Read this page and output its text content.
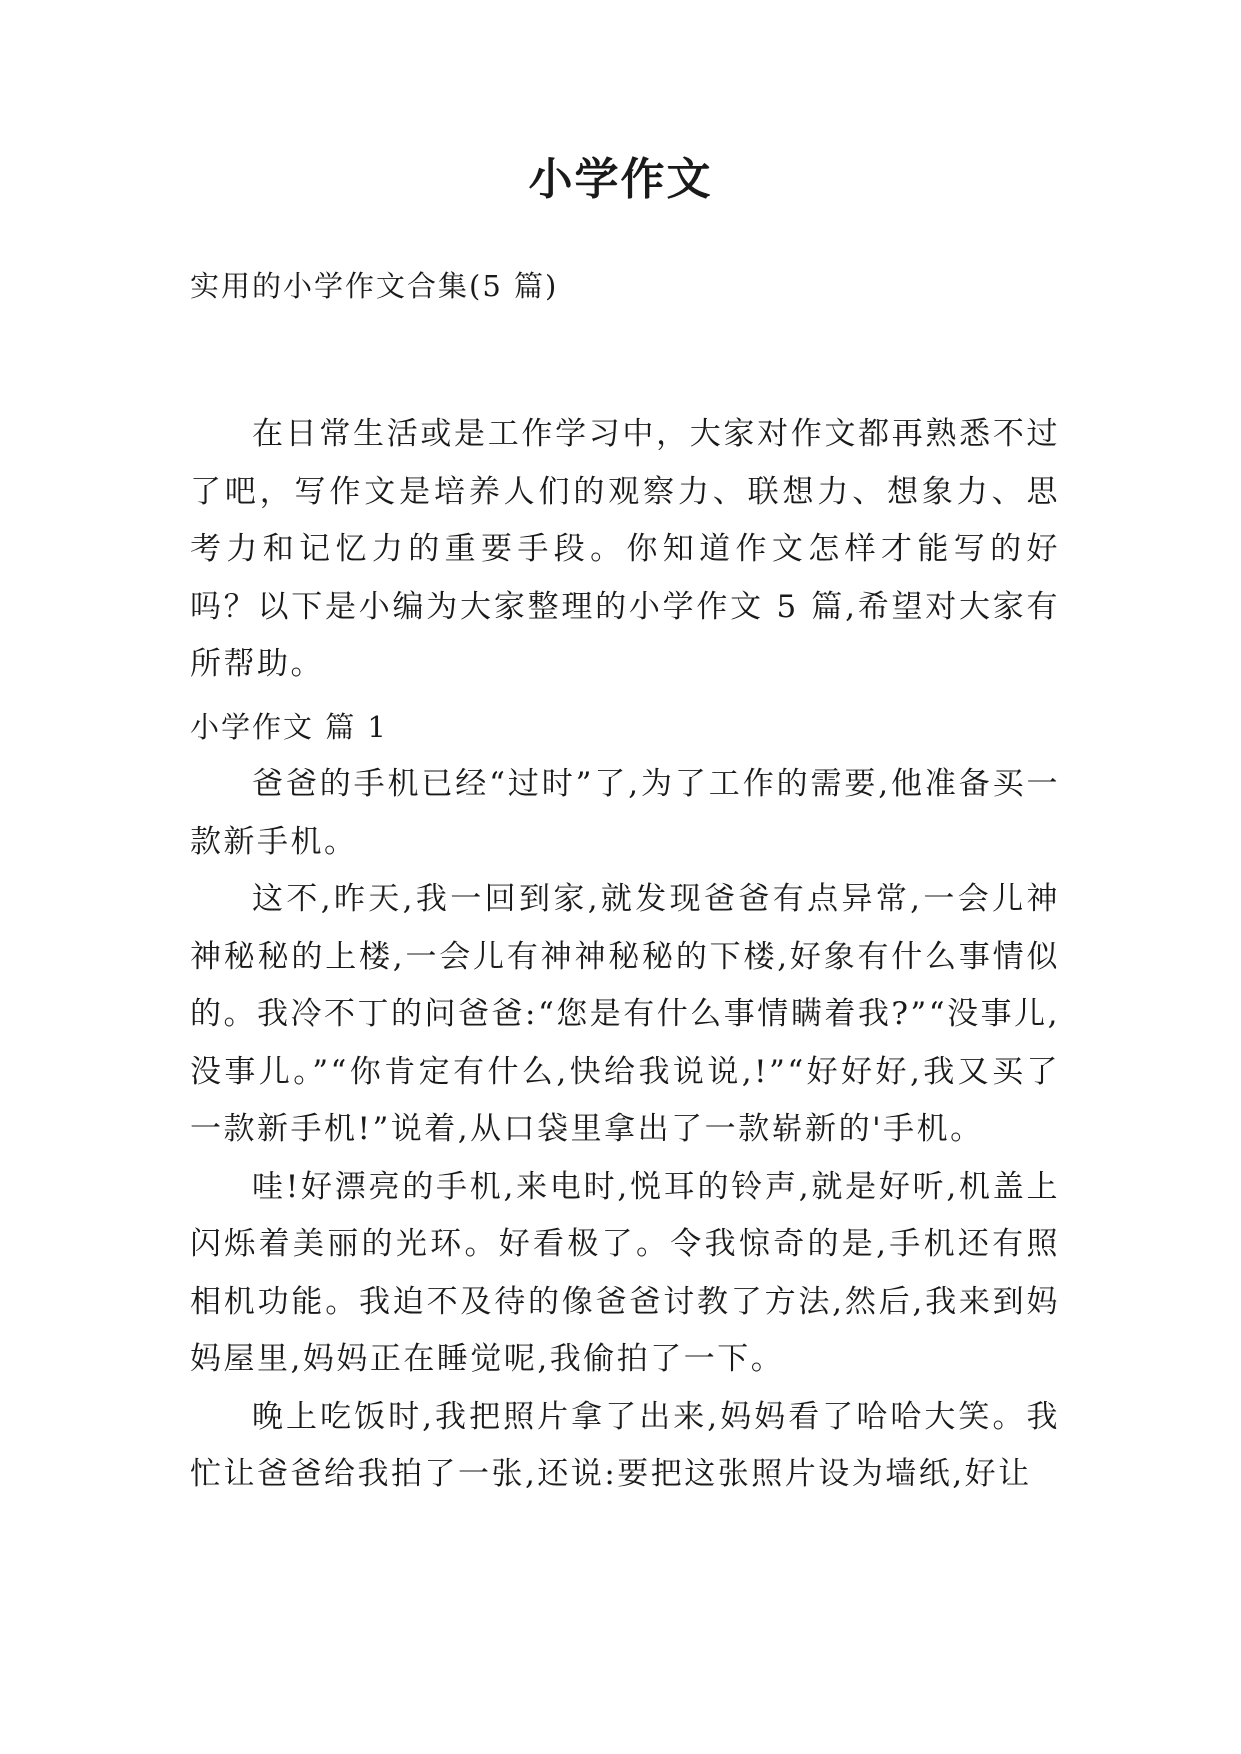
小学作文

实用的小学作文合集(5 篇)

在日常生活或是工作学习中，大家对作文都再熟悉不过了吧，写作文是培养人们的观察力、联想力、想象力、思考力和记忆力的重要手段。你知道作文怎样才能写的好吗？以下是小编为大家整理的小学作文 5 篇,希望对大家有所帮助。

小学作文 篇 1

爸爸的手机已经“过时”了,为了工作的需要,他准备买一款新手机。

这不,昨天,我一回到家,就发现爸爸有点异常,一会儿神神秘秘的上楼,一会儿有神神秘秘的下楼,好象有什么事情似的。我冷不丁的问爸爸:“您是有什么事情瞒着我?”“没事儿,没事儿。”“你肯定有什么,快给我说说,!”“好好好,我又买了一款新手机!”说着,从口袋里拿出了一款崭新的'手机。

哇!好漂亮的手机,来电时,悦耳的铃声,就是好听,机盖上闪烁着美丽的光环。好看极了。令我惊奇的是,手机还有照相机功能。我迫不及待的像爸爸讨教了方法,然后,我来到妈妈屋里,妈妈正在睡觉呢,我偷拍了一下。

晚上吃饭时,我把照片拿了出来,妈妈看了哈哈大笑。我忙让爸爸给我拍了一张,还说:要把这张照片设为墙纸,好让
